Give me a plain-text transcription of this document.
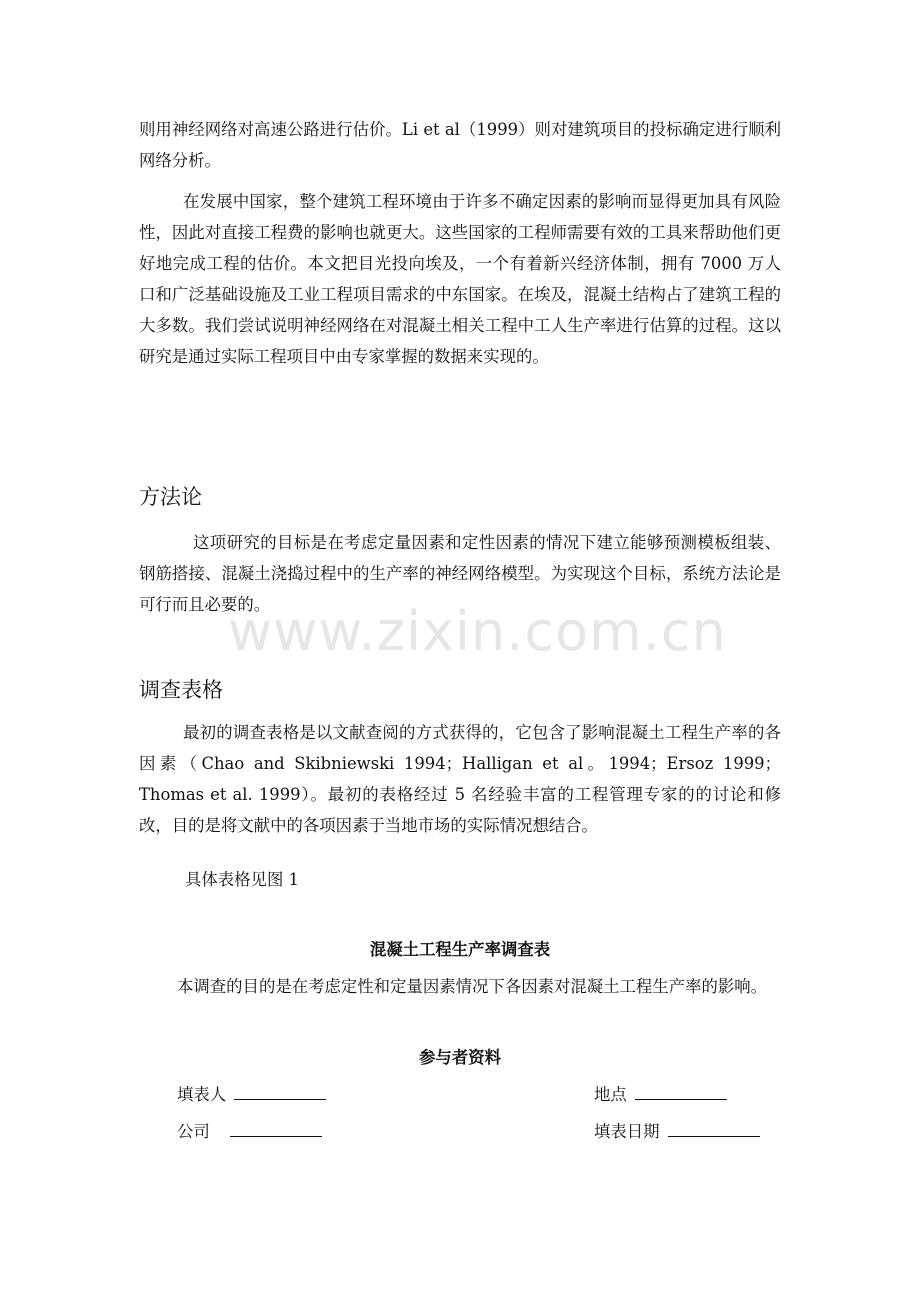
则用神经网络对高速公路进行估价。Li et al（1999）则对建筑项目的投标确定进行顺利网络分析。

在发展中国家，整个建筑工程环境由于许多不确定因素的影响而显得更加具有风险性，因此对直接工程费的影响也就更大。这些国家的工程师需要有效的工具来帮助他们更好地完成工程的估价。本文把目光投向埃及，一个有着新兴经济体制，拥有 7000 万人口和广泛基础设施及工业工程项目需求的中东国家。在埃及，混凝土结构占了建筑工程的大多数。我们尝试说明神经网络在对混凝土相关工程中工人生产率进行估算的过程。这以研究是通过实际工程项目中由专家掌握的数据来实现的。

方法论

这项研究的目标是在考虑定量因素和定性因素的情况下建立能够预测模板组装、钢筋搭接、混凝土浇捣过程中的生产率的神经网络模型。为实现这个目标，系统方法论是可行而且必要的。

调查表格

最初的调查表格是以文献查阅的方式获得的，它包含了影响混凝土工程生产率的各因素（Chao and Skibniewski 1994；Halligan et al。1994；Ersoz 1999；Thomas et al. 1999）。最初的表格经过 5 名经验丰富的工程管理专家的的讨论和修改，目的是将文献中的各项因素于当地市场的实际情况想结合。

具体表格见图 1
混凝土工程生产率调查表

本调查的目的是在考虑定性和定量因素情况下各因素对混凝土工程生产率的影响。

参与者资料
填表人	地点
公司	填表日期
www.zixin.com.cn
